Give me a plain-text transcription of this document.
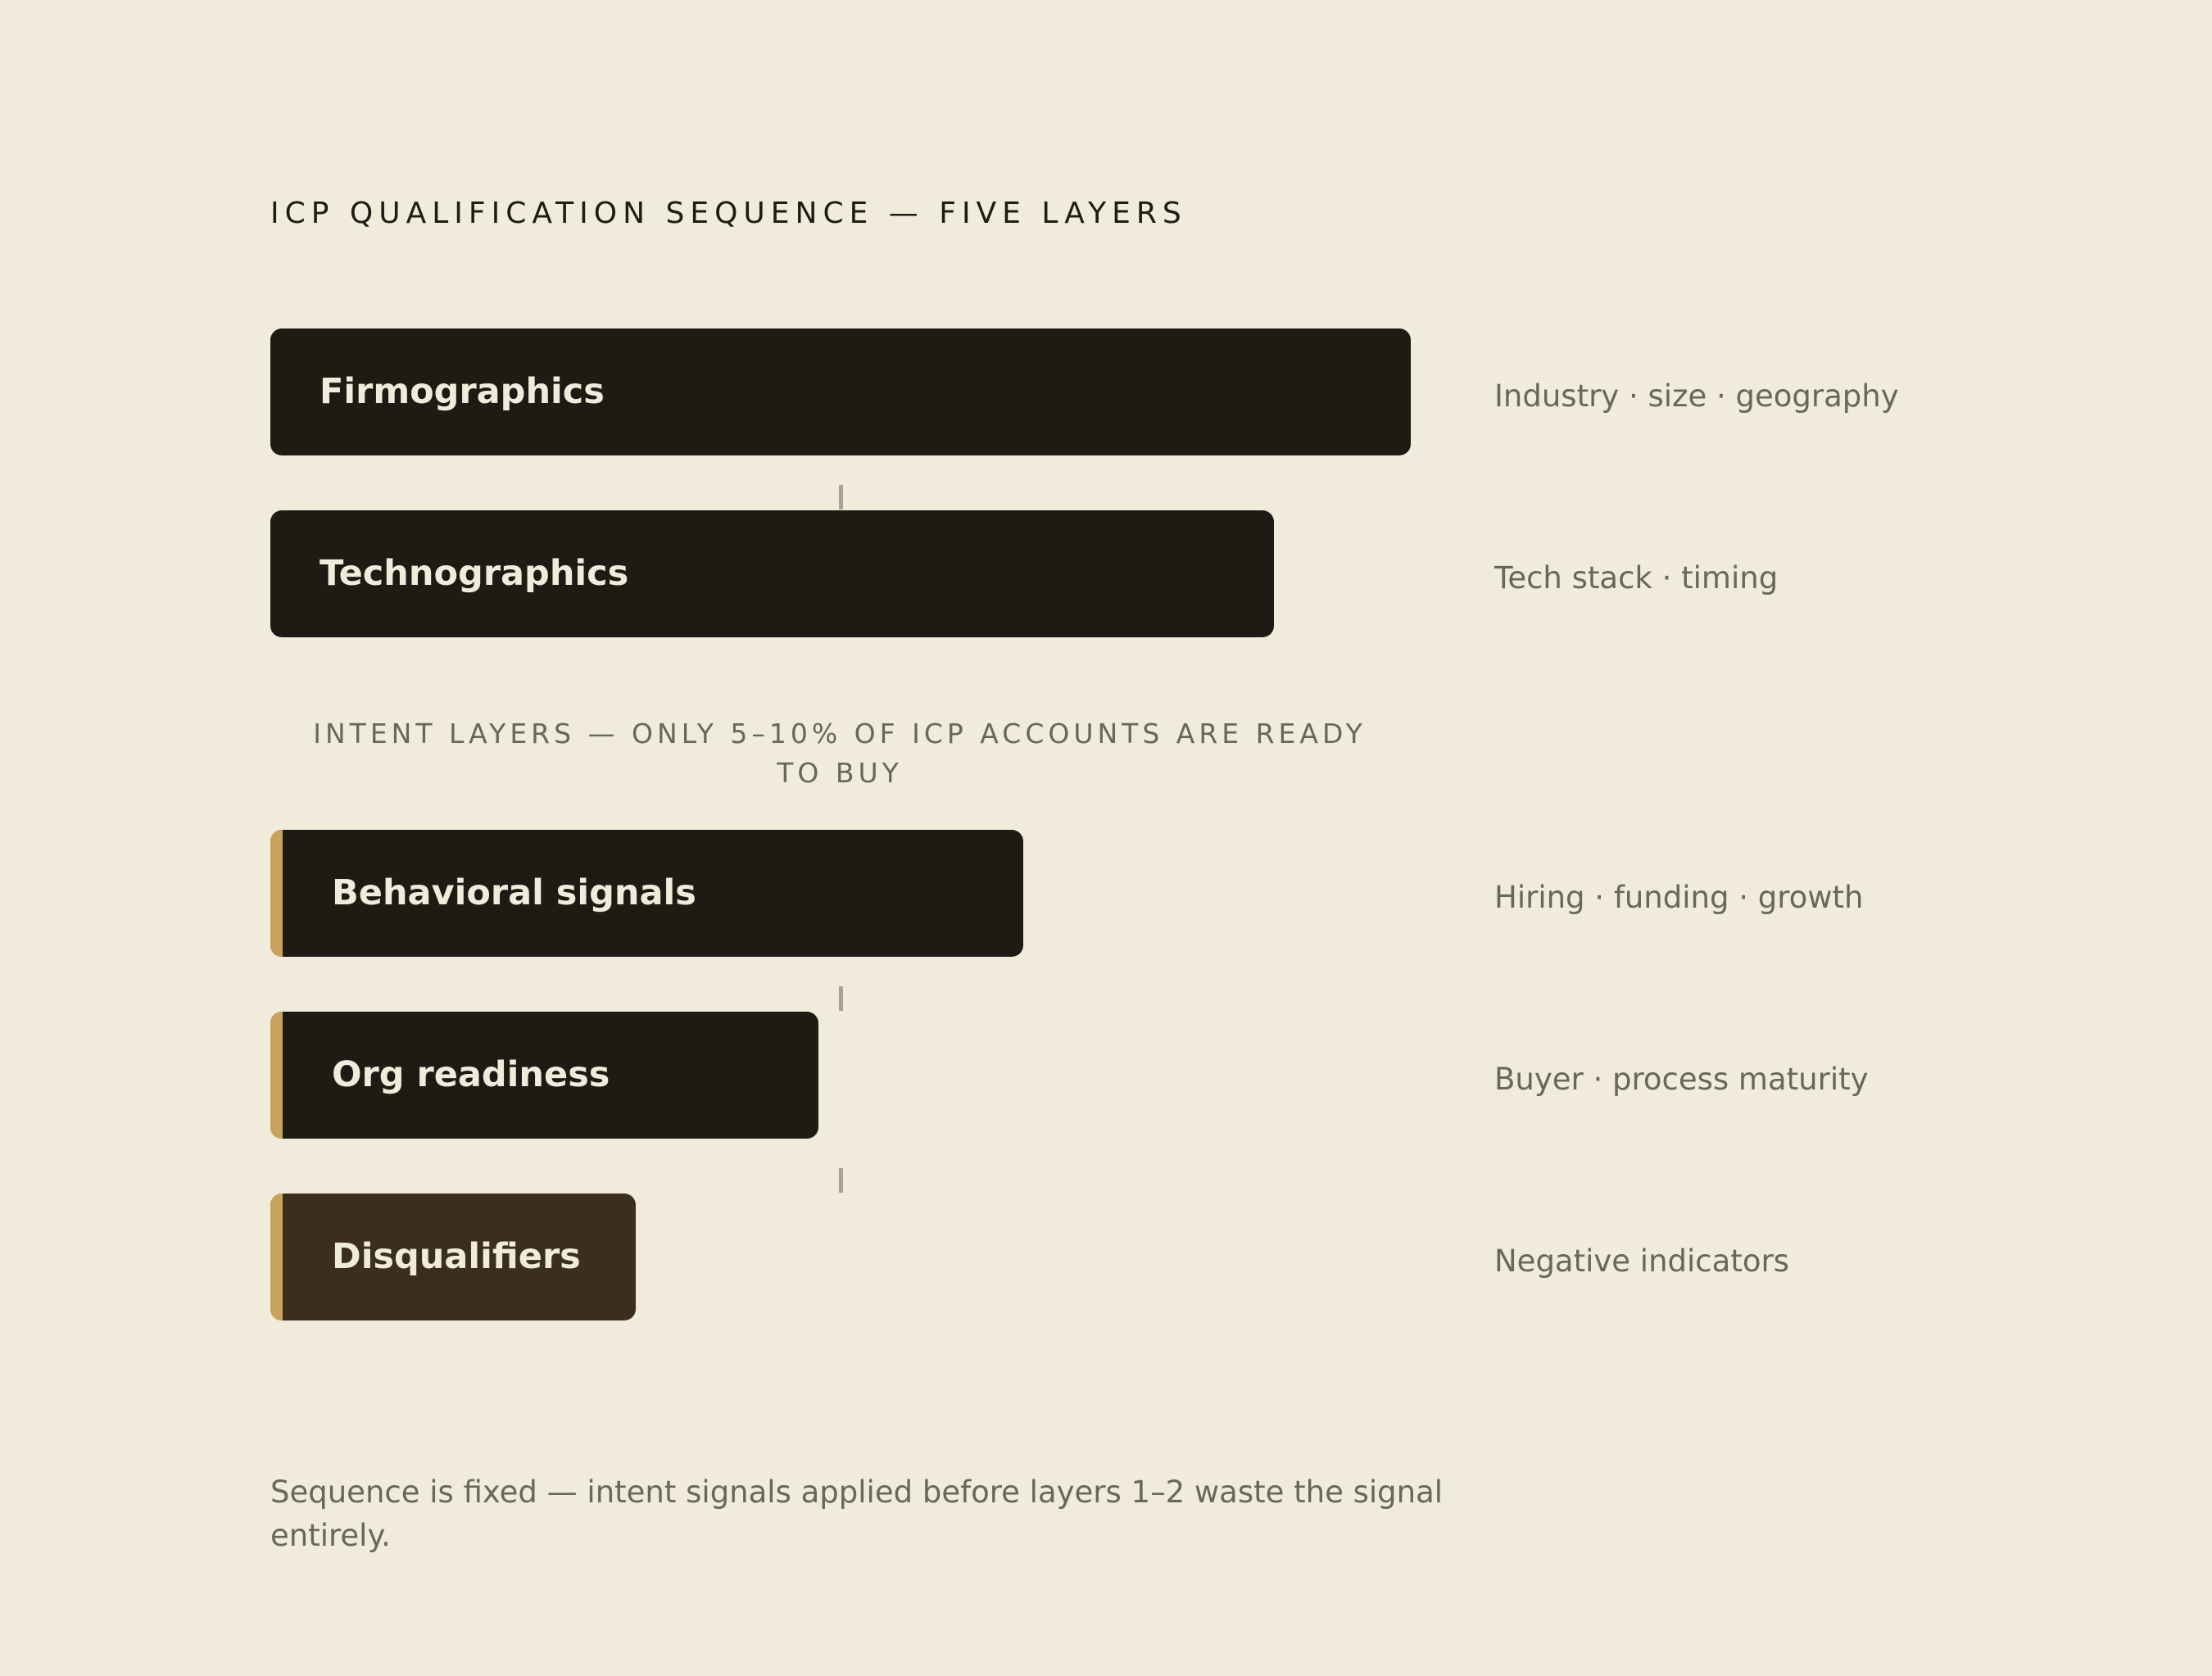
ICP QUALIFICATION SEQUENCE — FIVE LAYERS
Firmographics	Industry · size · geography
Technographics	Tech stack · timing
INTENT LAYERS — ONLY 5–10% OF ICP ACCOUNTS ARE READY TO BUY
Behavioral signals	Hiring · funding · growth
Org readiness	Buyer · process maturity
Disqualifiers	Negative indicators
Sequence is fixed — intent signals applied before layers 1–2 waste the signal entirely.
